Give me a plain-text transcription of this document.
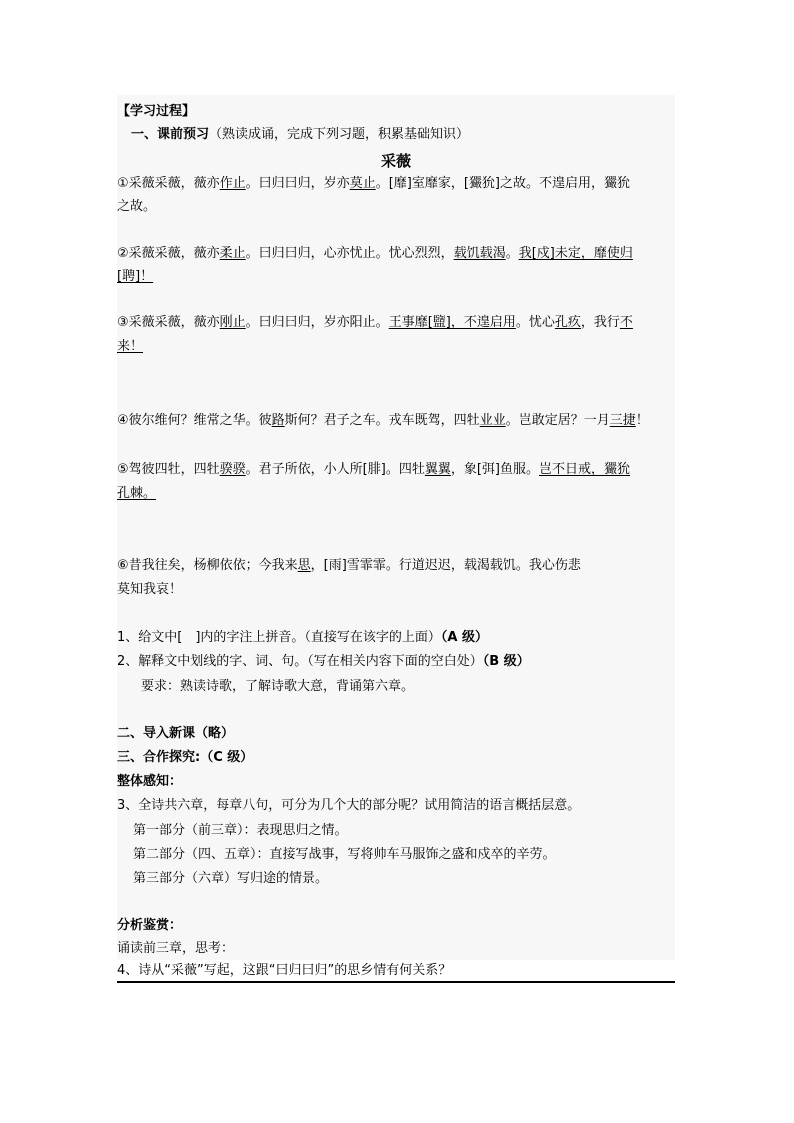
【学习过程】
一、课前预习（熟读成诵，完成下列习题，积累基础知识）
采薇
①采薇采薇，薇亦作止。曰归曰归，岁亦莫止。[靡]室靡家，[玁狁]之故。不遑启用，玁狁
之故。
②采薇采薇，薇亦柔止。曰归曰归，心亦忧止。忧心烈烈，载饥载渴。我[戍]未定，靡使归
[聘]！
③采薇采薇，薇亦刚止。曰归曰归，岁亦阳止。王事靡[盬]，不遑启用。忧心孔疚，我行不
来！
④彼尔维何？维常之华。彼路斯何？君子之车。戎车既驾，四牡业业。岂敢定居？一月三捷！
⑤驾彼四牡，四牡骙骙。君子所依，小人所[腓]。四牡翼翼，象[弭]鱼服。岂不日戒，玁狁
孔棘。
⑥昔我往矣，杨柳依依；今我来思，[雨]雪霏霏。行道迟迟，载渴载饥。我心伤悲
莫知我哀！
1、给文中[　]内的字注上拼音。（直接写在该字的上面）（A 级）
2、解释文中划线的字、词、句。（写在相关内容下面的空白处）（B 级）
要求：熟读诗歌，了解诗歌大意，背诵第六章。
二、导入新课（略）
三、合作探究:（C 级）
整体感知：
3、全诗共六章，每章八句，可分为几个大的部分呢？试用简洁的语言概括层意。
第一部分（前三章）：表现思归之情。
第二部分（四、五章）：直接写战事，写将帅车马服饰之盛和戍卒的辛劳。
第三部分（六章）写归途的情景。
分析鉴赏：
诵读前三章，思考：
4、诗从“采薇”写起，这跟“曰归曰归”的思乡情有何关系？
